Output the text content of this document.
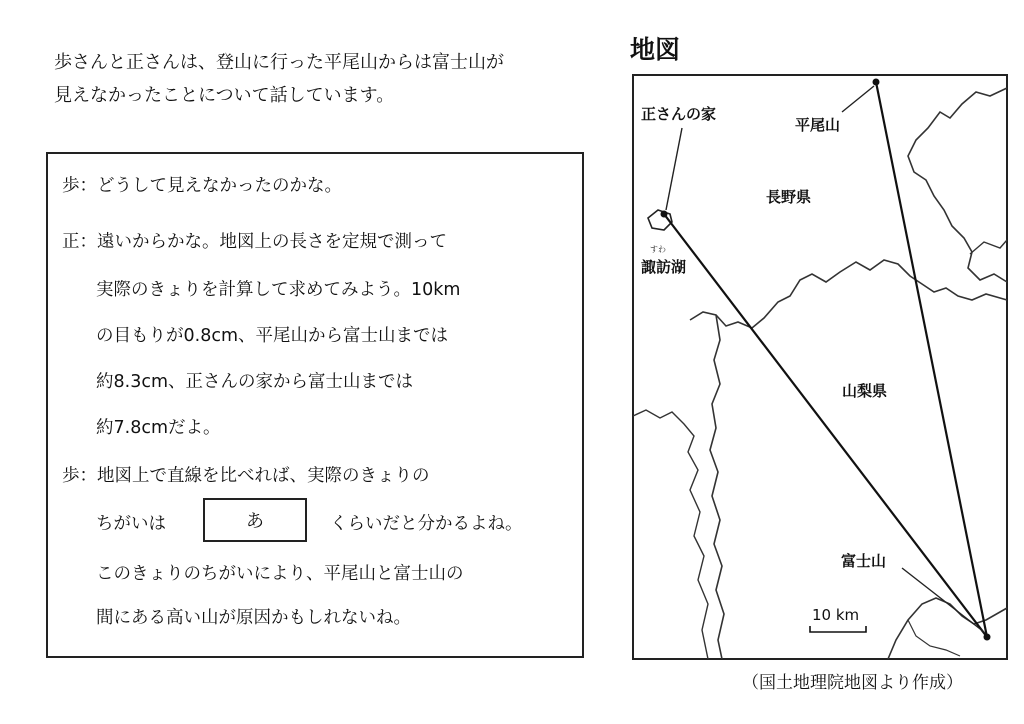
歩さんと正さんは、登山に行った平尾山からは富士山が
見えなかったことについて話しています。

歩：どうして見えなかったのかな。

正：遠いからかな。地図上の長さを定規で測って

実際のきょりを計算して求めてみよう。10km

の目もりが0.8cm、平尾山から富士山までは

約8.3cm、正さんの家から富士山までは

約7.8cmだよ。

歩：地図上で直線を比べれば、実際のきょりの

ちがいは	あ	くらいだと分かるよね。

このきょりのちがいにより、平尾山と富士山の

間にある高い山が原因かもしれないね。

地図
正さんの家
平尾山
長野県
すわ
諏訪湖
山梨県
富士山
10 km

（国土地理院地図より作成）
